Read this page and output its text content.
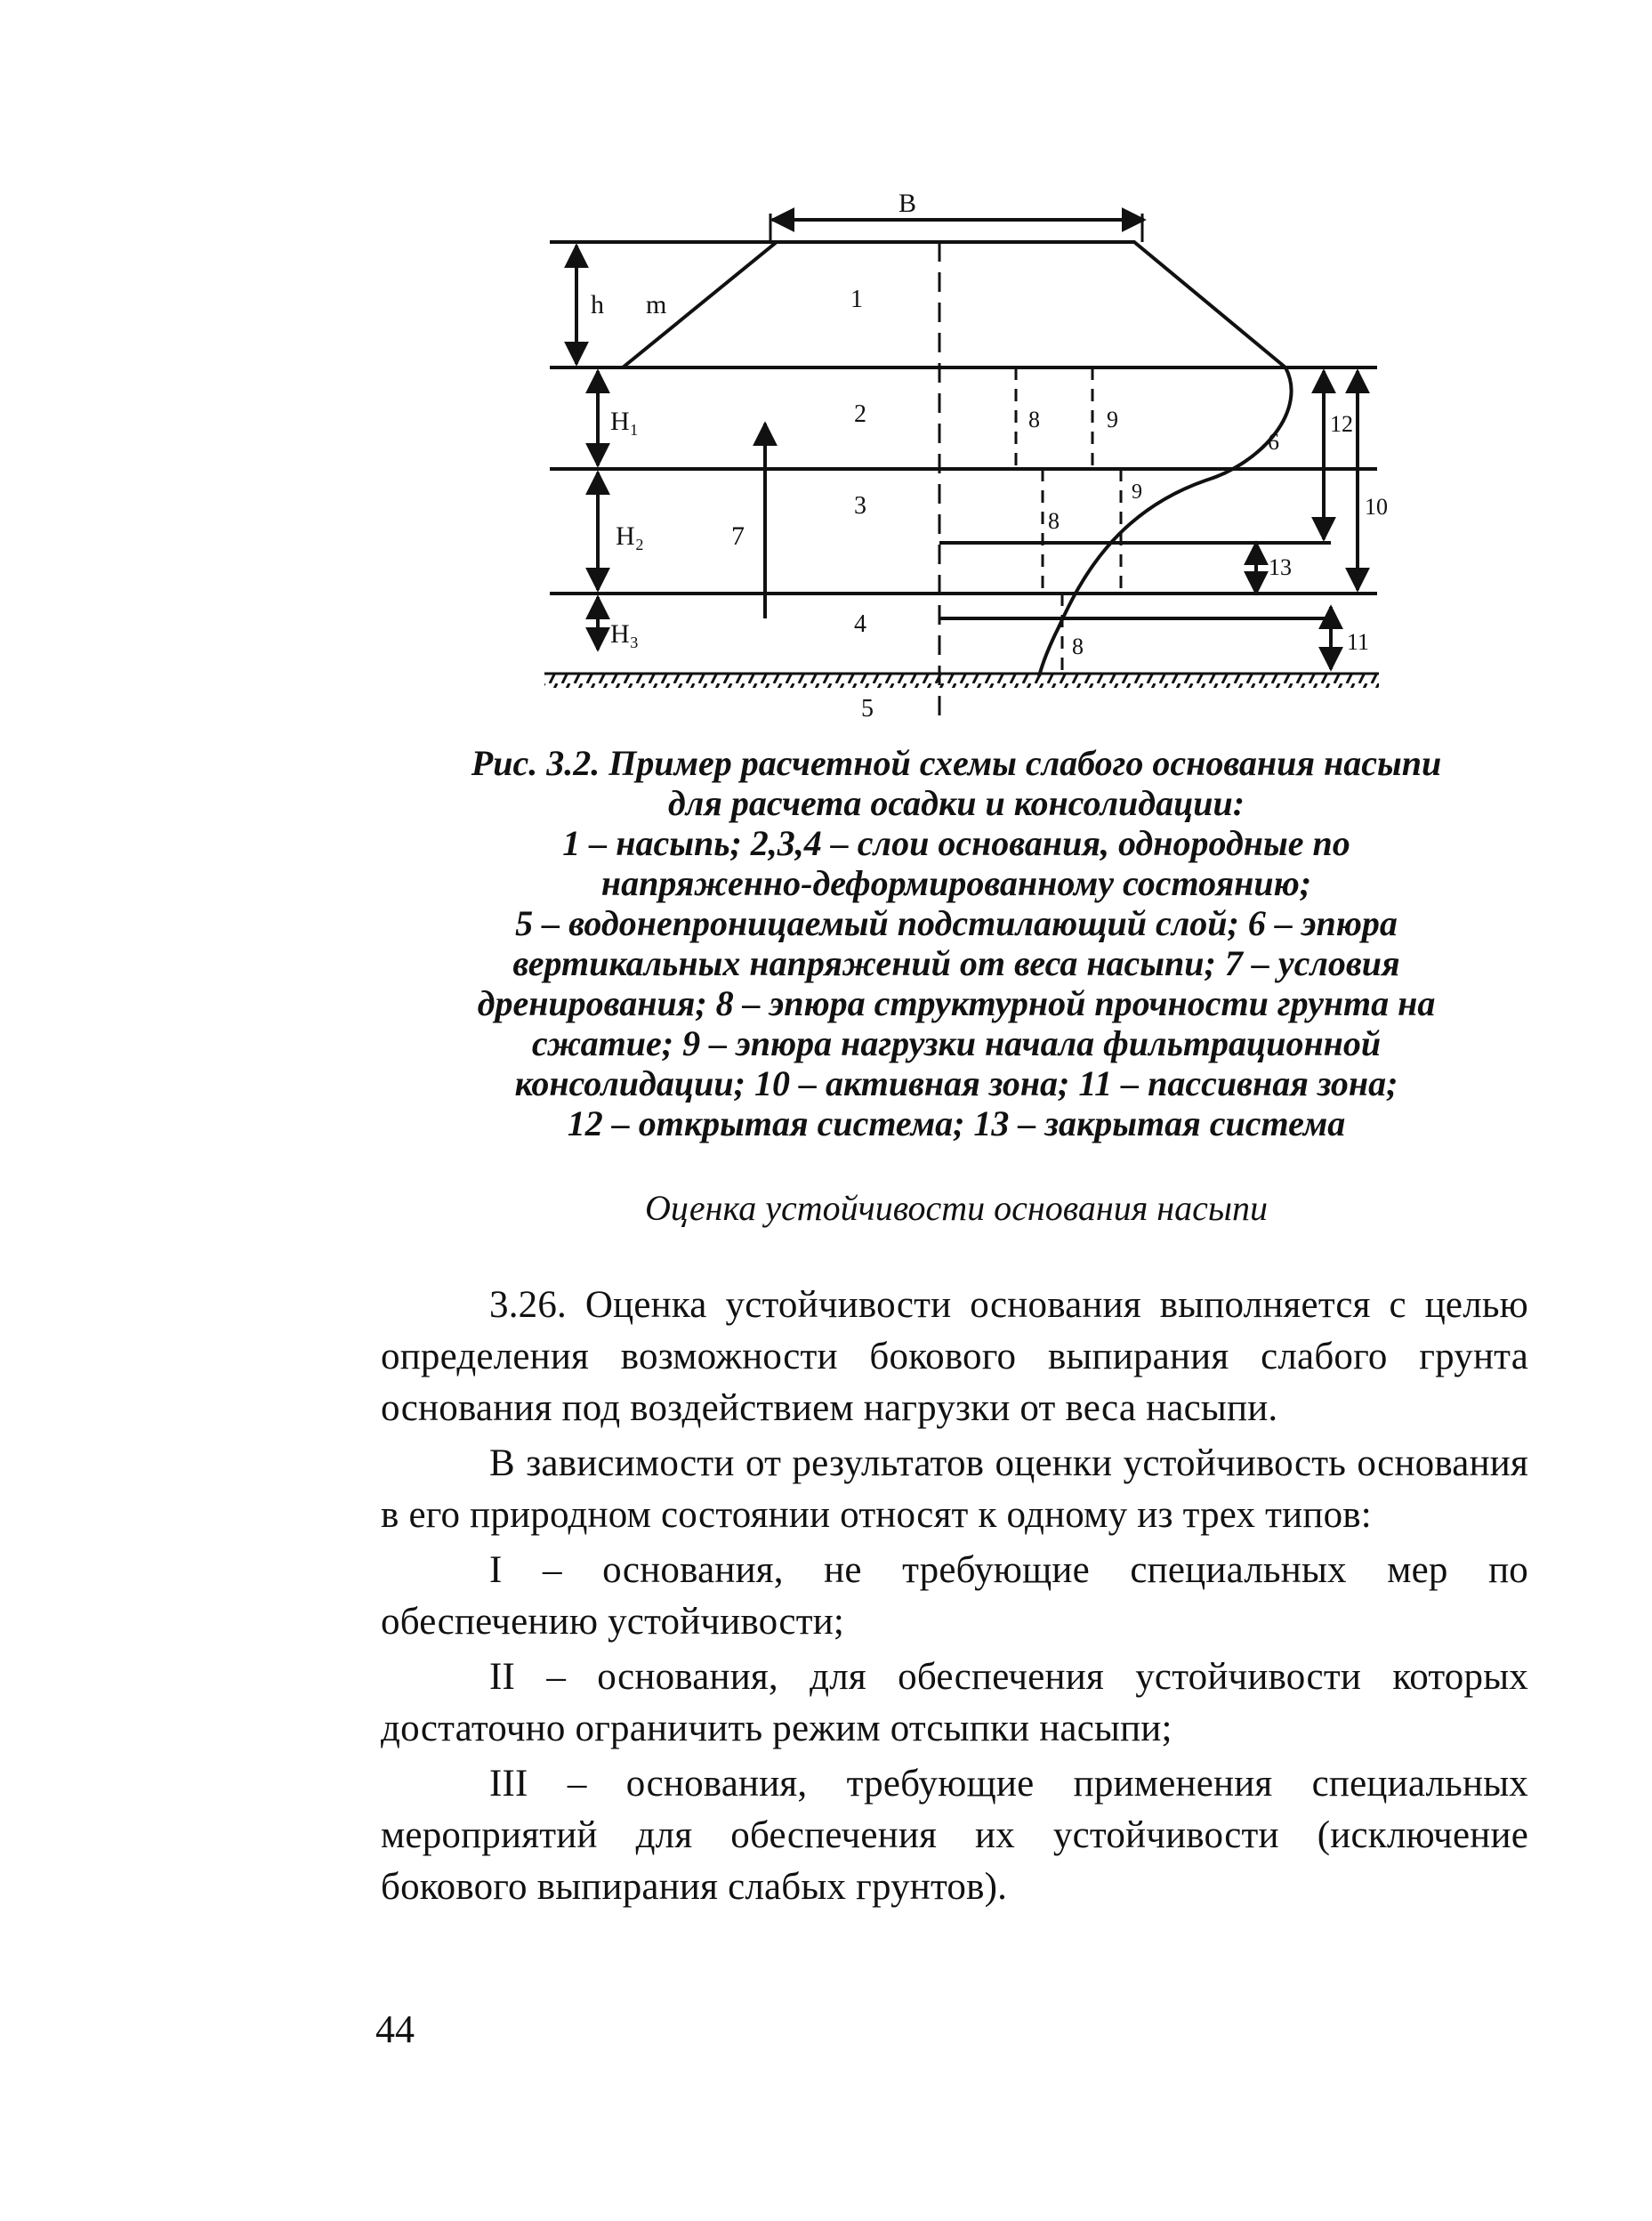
B
h m
H₁
H₂
H₃
7
1
2
3
4
5
8
8
8
9
9
6
12
10
13
11
Рис. 3.2. Пример расчетной схемы слабого основания насыпи
для расчета осадки и консолидации:
1 – насыпь; 2,3,4 – слои основания, однородные по
напряженно-деформированному состоянию;
5 – водонепроницаемый подстилающий слой; 6 – эпюра
вертикальных напряжений от веса насыпи; 7 – условия
дренирования; 8 – эпюра структурной прочности грунта на
сжатие; 9 – эпюра нагрузки начала фильтрационной
консолидации; 10 – активная зона; 11 – пассивная зона;
12 – открытая система; 13 – закрытая система

Оценка устойчивости основания насыпи

3.26. Оценка устойчивости основания выполняется с целью определения возможности бокового выпирания слабого грунта основания под воздействием нагрузки от веса насыпи.

В зависимости от результатов оценки устойчивость основания в его природном состоянии относят к одному из трех типов:

I – основания, не требующие специальных мер по обеспечению устойчивости;

II – основания, для обеспечения устойчивости которых достаточно ограничить режим отсыпки насыпи;

III – основания, требующие применения специальных мероприятий для обеспечения их устойчивости (исключение бокового выпирания слабых грунтов).

44
